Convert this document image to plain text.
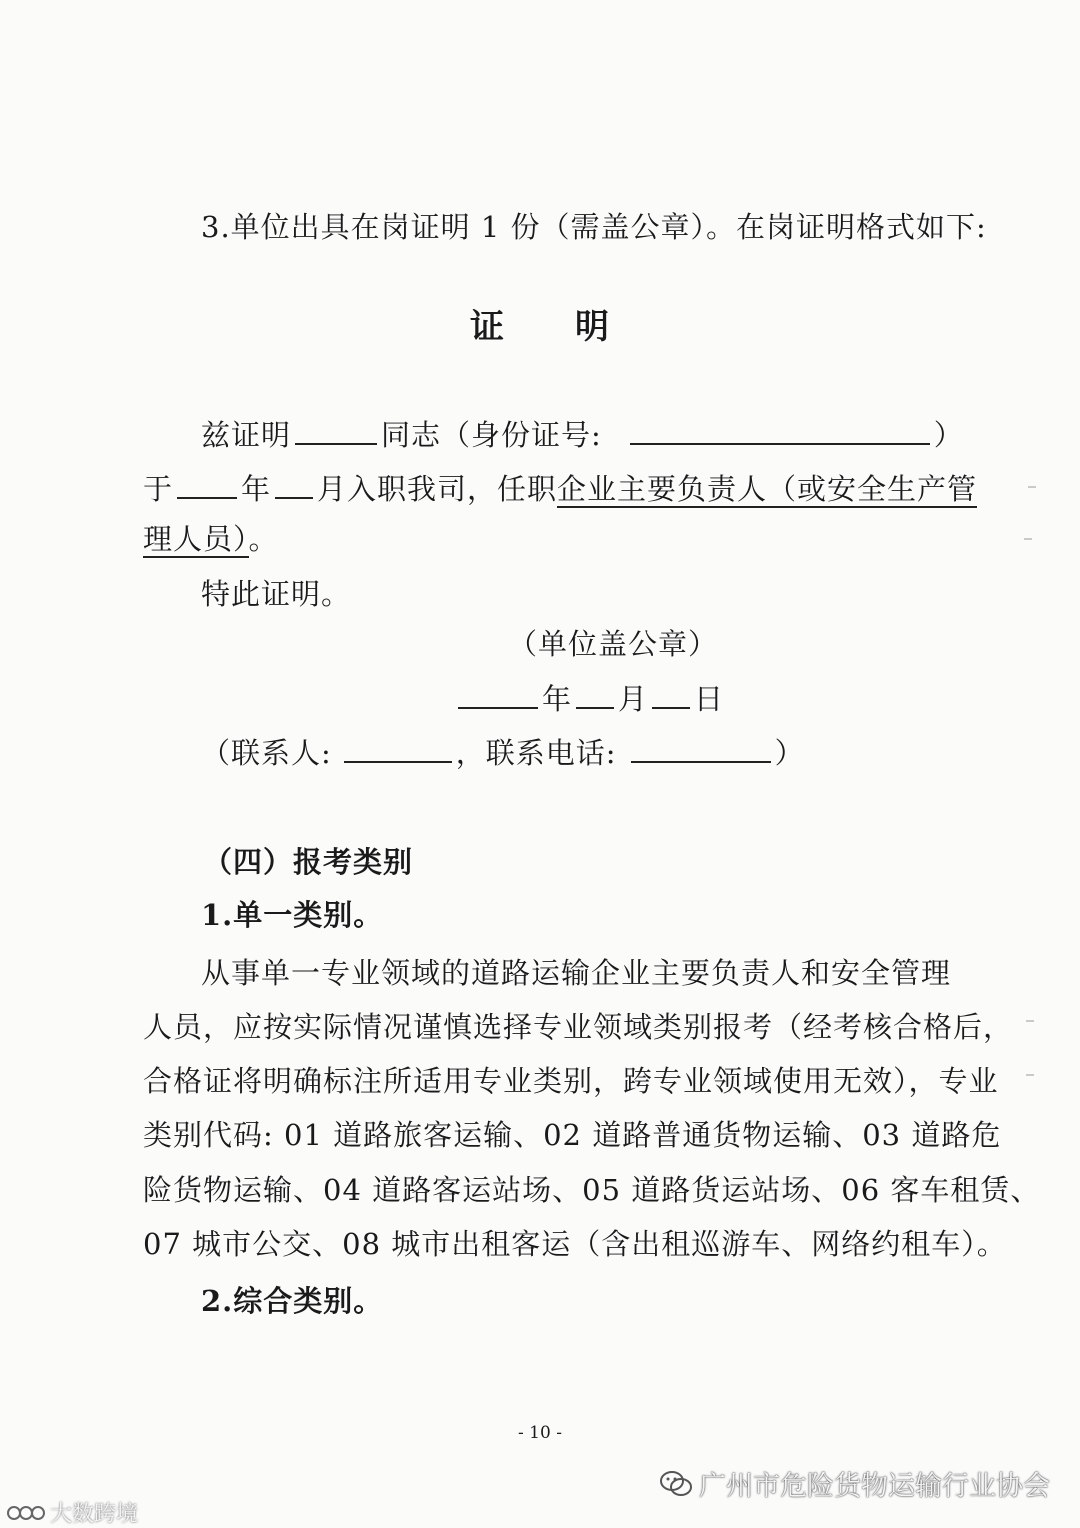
3.单位出具在岗证明 1 份（需盖公章）。在岗证明格式如下:
证　　明
兹证明	同志（身份证号:	）
于 年 月入职我司，任职企业主要负责人（或安全生产管
理人员）。
特此证明。
（单位盖公章）
年 月 日
（联系人:	，联系电话:	）
（四）报考类别
1.单一类别。
从事单一专业领域的道路运输企业主要负责人和安全管理
人员，应按实际情况谨慎选择专业领域类别报考（经考核合格后，
合格证将明确标注所适用专业类别，跨专业领域使用无效），专业
类别代码: 01 道路旅客运输、02 道路普通货物运输、03 道路危
险货物运输、04 道路客运站场、05 道路货运站场、06 客车租赁、
07 城市公交、08 城市出租客运（含出租巡游车、网络约租车）。
2.综合类别。
- 10 -
广州市危险货物运输行业协会
大数跨境
